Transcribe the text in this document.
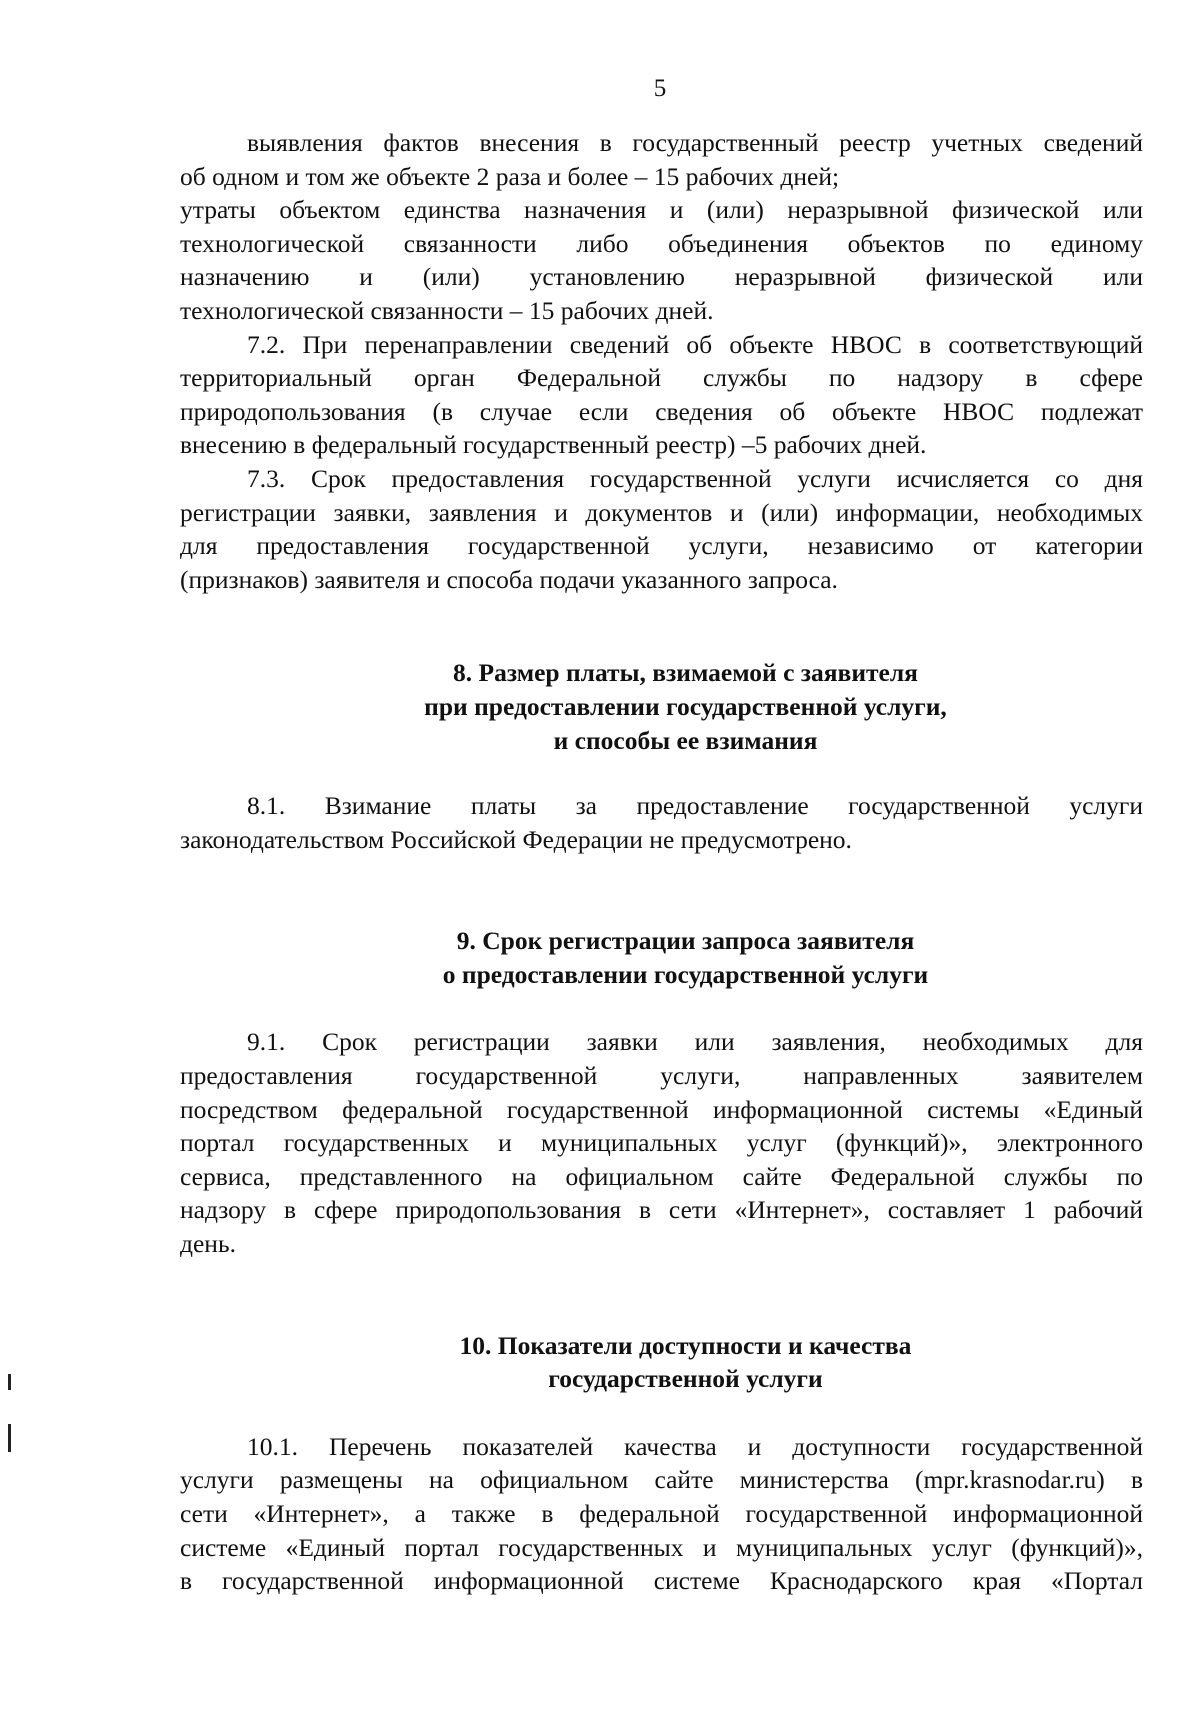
5
выявления фактов внесения в государственный реестр учетных сведений
об одном и том же объекте 2 раза и более – 15 рабочих дней;
утраты объектом единства назначения и (или) неразрывной физической или
технологической связанности либо объединения объектов по единому
назначению и (или) установлению неразрывной физической или
технологической связанности – 15 рабочих дней.
7.2. При перенаправлении сведений об объекте НВОС в соответствующий
территориальный орган Федеральной службы по надзору в сфере
природопользования (в случае если сведения об объекте НВОС подлежат
внесению в федеральный государственный реестр) –5 рабочих дней.
7.3. Срок предоставления государственной услуги исчисляется со дня
регистрации заявки, заявления и документов и (или) информации, необходимых
для предоставления государственной услуги, независимо от категории
(признаков) заявителя и способа подачи указанного запроса.
8. Размер платы, взимаемой с заявителя
при предоставлении государственной услуги,
и способы ее взимания
8.1. Взимание платы за предоставление государственной услуги
законодательством Российской Федерации не предусмотрено.
9. Срок регистрации запроса заявителя
о предоставлении государственной услуги
9.1. Срок регистрации заявки или заявления, необходимых для
предоставления государственной услуги, направленных заявителем
посредством федеральной государственной информационной системы «Единый
портал государственных и муниципальных услуг (функций)», электронного
сервиса, представленного на официальном сайте Федеральной службы по
надзору в сфере природопользования в сети «Интернет», составляет 1 рабочий
день.
10. Показатели доступности и качества
государственной услуги
10.1. Перечень показателей качества и доступности государственной
услуги размещены на официальном сайте министерства (mpr.krasnodar.ru) в
сети «Интернет», а также в федеральной государственной информационной
системе «Единый портал государственных и муниципальных услуг (функций)»,
в государственной информационной системе Краснодарского края «Портал
